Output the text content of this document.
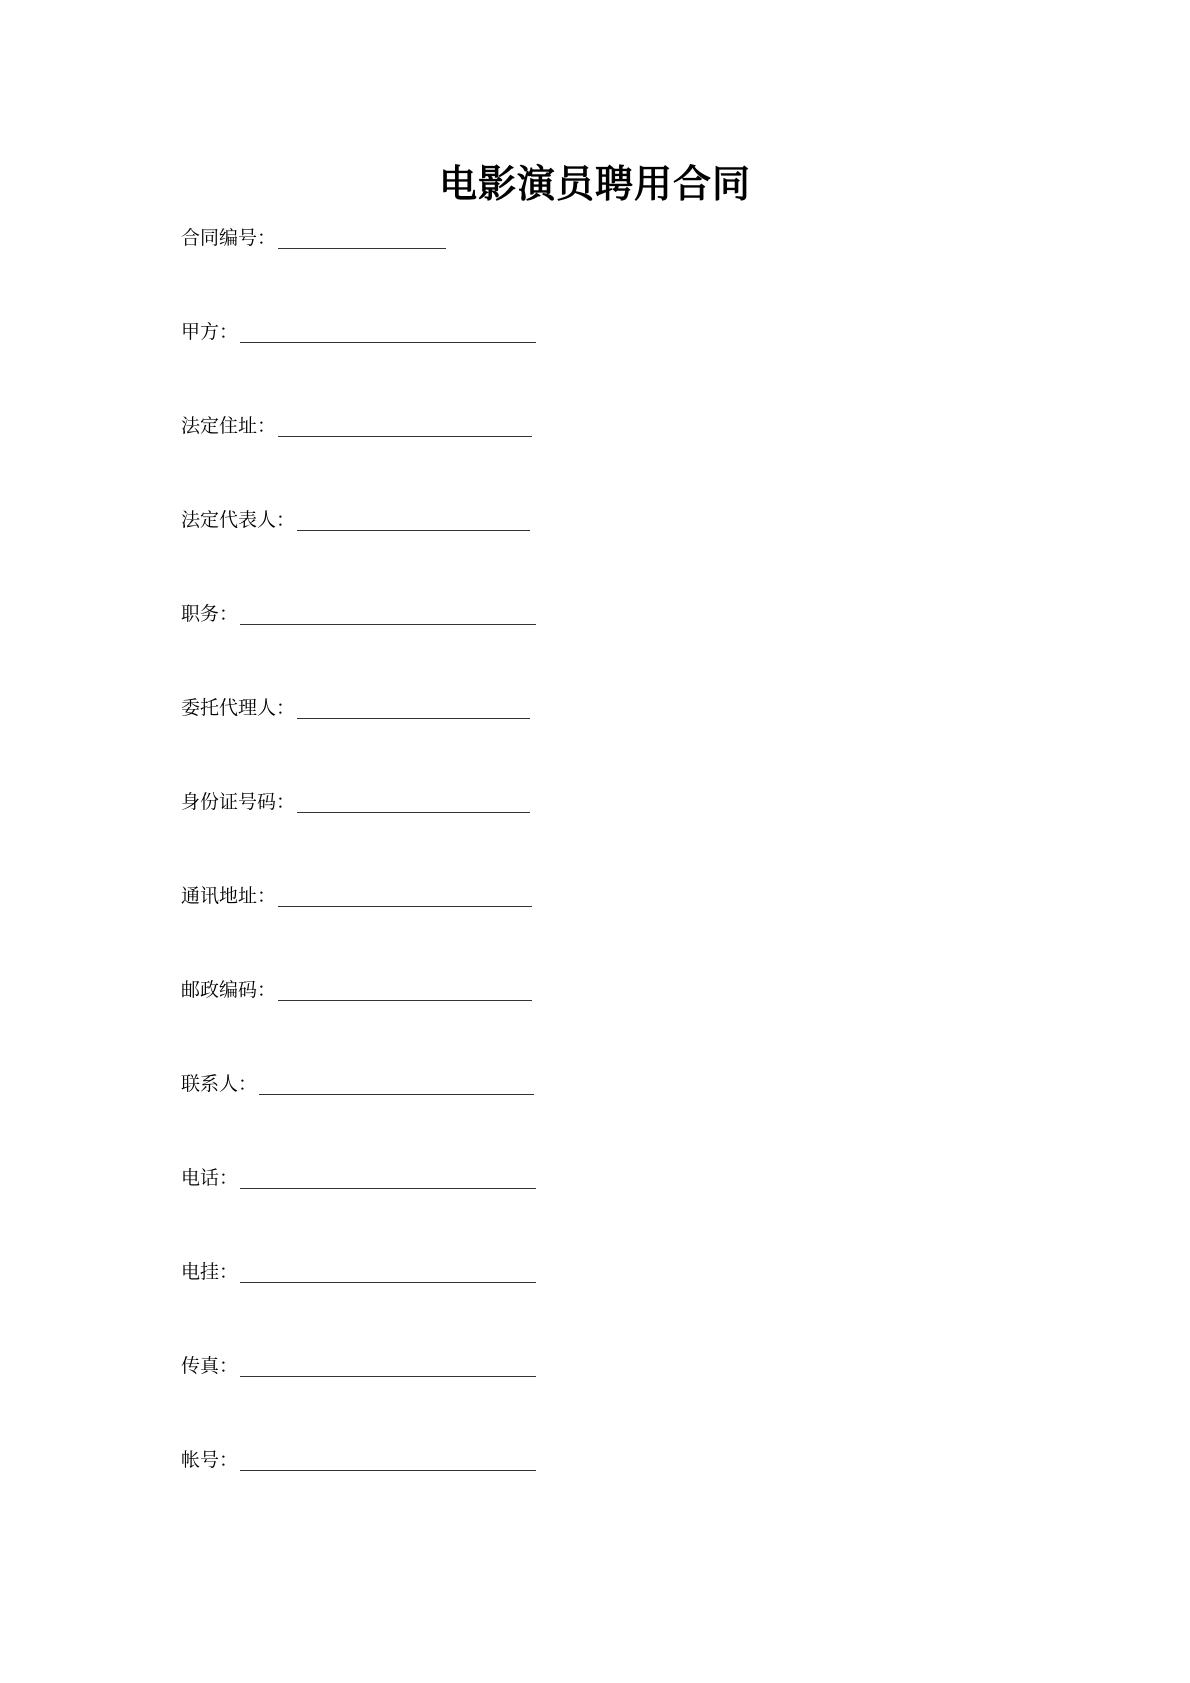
电影演员聘用合同
合同编号：
甲方：
法定住址：
法定代表人：
职务：
委托代理人：
身份证号码：
通讯地址：
邮政编码：
联系人：
电话：
电挂：
传真：
帐号：
